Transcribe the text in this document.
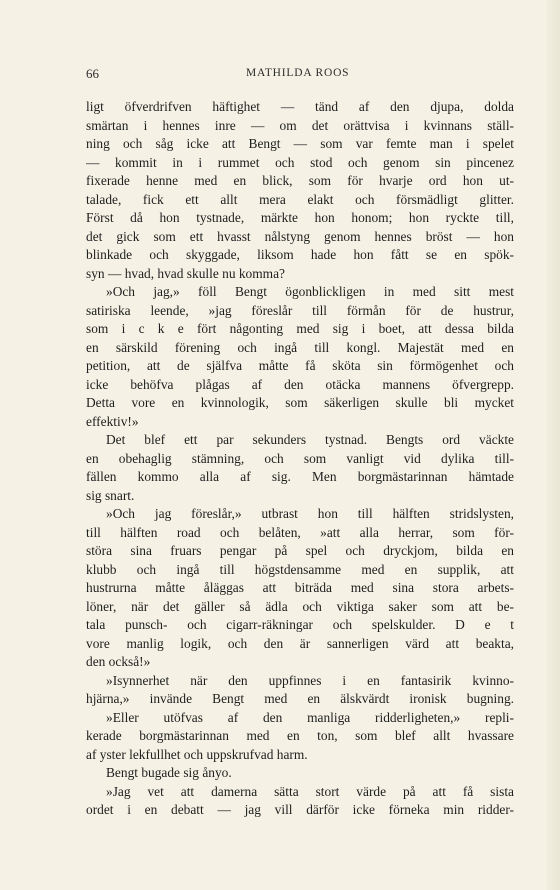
66	MATHILDA ROOS
ligt öfverdrifven häftighet — tänd af den djupa, dolda
smärtan i hennes inre — om det orättvisa i kvinnans ställ-
ning och såg icke att Bengt — som var femte man i spelet
— kommit in i rummet och stod och genom sin pincenez
fixerade henne med en blick, som för hvarje ord hon ut-
talade, fick ett allt mera elakt och försmädligt glitter.
Först då hon tystnade, märkte hon honom; hon ryckte till,
det gick som ett hvasst nålstyng genom hennes bröst — hon
blinkade och skyggade, liksom hade hon fått se en spök-
syn — hvad, hvad skulle nu komma?
»Och jag,» föll Bengt ögonblickligen in med sitt mest
satiriska leende, »jag föreslår till förmån för de hustrur,
som i c k e fört någonting med sig i boet, att dessa bilda
en särskild förening och ingå till kongl. Majestät med en
petition, att de själfva måtte få sköta sin förmögenhet och
icke behöfva plågas af den otäcka mannens öfvergrepp.
Detta vore en kvinnologik, som säkerligen skulle bli mycket
effektiv!»
Det blef ett par sekunders tystnad. Bengts ord väckte
en obehaglig stämning, och som vanligt vid dylika till-
fällen kommo alla af sig. Men borgmästarinnan hämtade
sig snart.
»Och jag föreslår,» utbrast hon till hälften stridslysten,
till hälften road och belåten, »att alla herrar, som för-
störa sina fruars pengar på spel och dryckjom, bilda en
klubb och ingå till högstdensamme med en supplik, att
hustrurna måtte åläggas att biträda med sina stora arbets-
löner, när det gäller så ädla och viktiga saker som att be-
tala punsch- och cigarr-räkningar och spelskulder. D e t
vore manlig logik, och den är sannerligen värd att beakta,
den också!»
»Isynnerhet när den uppfinnes i en fantasirik kvinno-
hjärna,» invände Bengt med en älskvärdt ironisk bugning.
»Eller utöfvas af den manliga ridderligheten,» repli-
kerade borgmästarinnan med en ton, som blef allt hvassare
af yster lekfullhet och uppskrufvad harm.
Bengt bugade sig ånyo.
»Jag vet att damerna sätta stort värde på att få sista
ordet i en debatt — jag vill därför icke förneka min ridder-
